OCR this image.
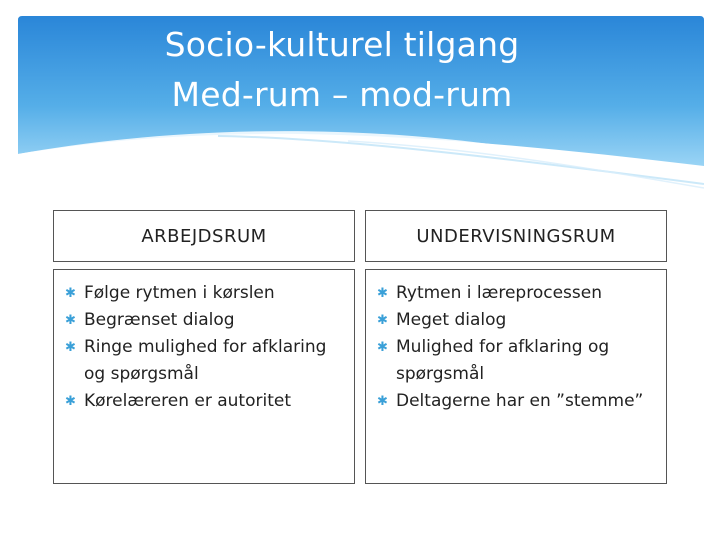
Socio-kulturel tilgang
Med-rum – mod-rum
ARBEJDSRUM	UNDERVISNINGSRUM
✱ Følge rytmen i kørslen
✱ Begrænset dialog
✱ Ringe mulighed for afklaring og spørgsmål
✱ Kørelæreren er autoritet
✱ Rytmen i læreprocessen
✱ Meget dialog
✱ Mulighed for afklaring og spørgsmål
✱ Deltagerne har en ”stemme”
